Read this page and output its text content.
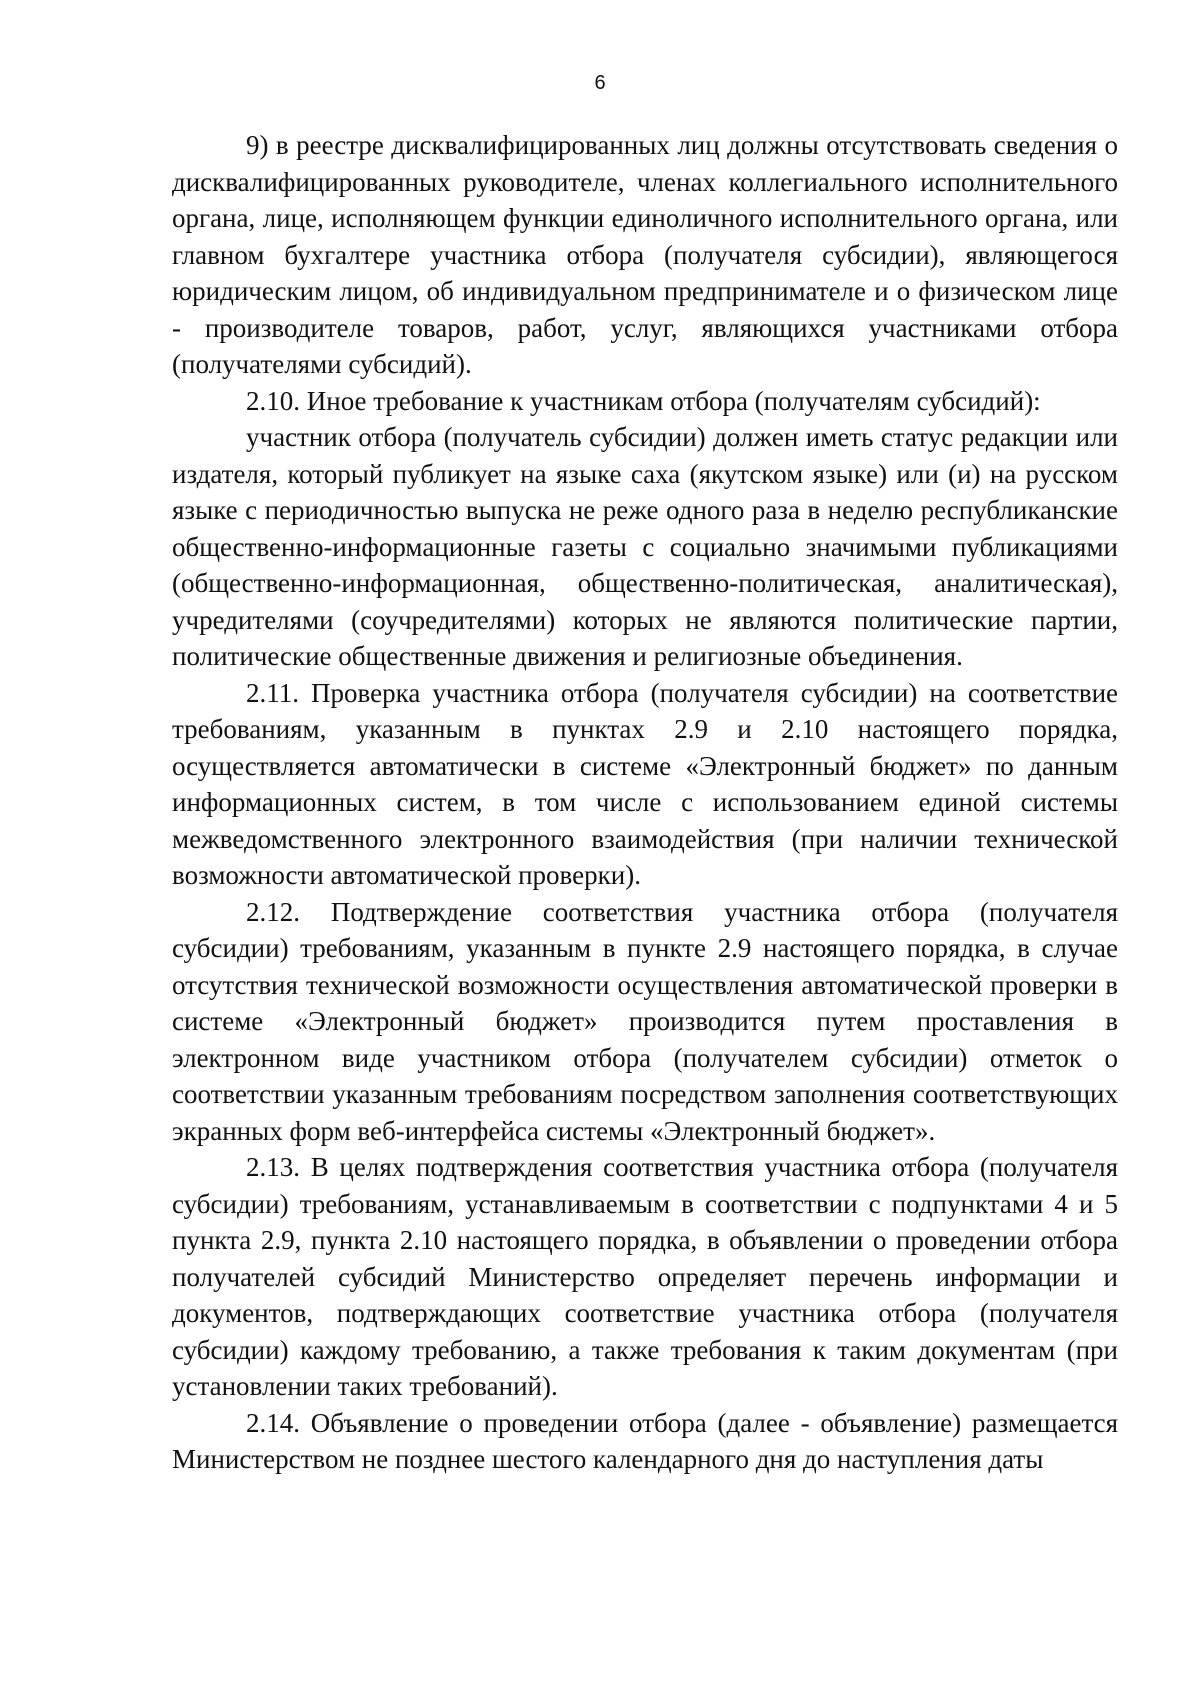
6

9) в реестре дисквалифицированных лиц должны отсутствовать сведения о дисквалифицированных руководителе, членах коллегиального исполнительного органа, лице, исполняющем функции единоличного исполнительного органа, или главном бухгалтере участника отбора (получателя субсидии), являющегося юридическим лицом, об индивидуальном предпринимателе и о физическом лице - производителе товаров, работ, услуг, являющихся участниками отбора (получателями субсидий).

2.10. Иное требование к участникам отбора (получателям субсидий):

участник отбора (получатель субсидии) должен иметь статус редакции или издателя, который публикует на языке саха (якутском языке) или (и) на русском языке с периодичностью выпуска не реже одного раза в неделю республиканские общественно-информационные газеты с социально значимыми публикациями (общественно-информационная, общественно-политическая, аналитическая), учредителями (соучредителями) которых не являются политические партии, политические общественные движения и религиозные объединения.

2.11. Проверка участника отбора (получателя субсидии) на соответствие требованиям, указанным в пунктах 2.9 и 2.10 настоящего порядка, осуществляется автоматически в системе «Электронный бюджет» по данным информационных систем, в том числе с использованием единой системы межведомственного электронного взаимодействия (при наличии технической возможности автоматической проверки).

2.12. Подтверждение соответствия участника отбора (получателя субсидии) требованиям, указанным в пункте 2.9 настоящего порядка, в случае отсутствия технической возможности осуществления автоматической проверки в системе «Электронный бюджет» производится путем проставления в электронном виде участником отбора (получателем субсидии) отметок о соответствии указанным требованиям посредством заполнения соответствующих экранных форм веб-интерфейса системы «Электронный бюджет».

2.13. В целях подтверждения соответствия участника отбора (получателя субсидии) требованиям, устанавливаемым в соответствии с подпунктами 4 и 5 пункта 2.9, пункта 2.10 настоящего порядка, в объявлении о проведении отбора получателей субсидий Министерство определяет перечень информации и документов, подтверждающих соответствие участника отбора (получателя субсидии) каждому требованию, а также требования к таким документам (при установлении таких требований).

2.14. Объявление о проведении отбора (далее - объявление) размещается Министерством не позднее шестого календарного дня до наступления даты
